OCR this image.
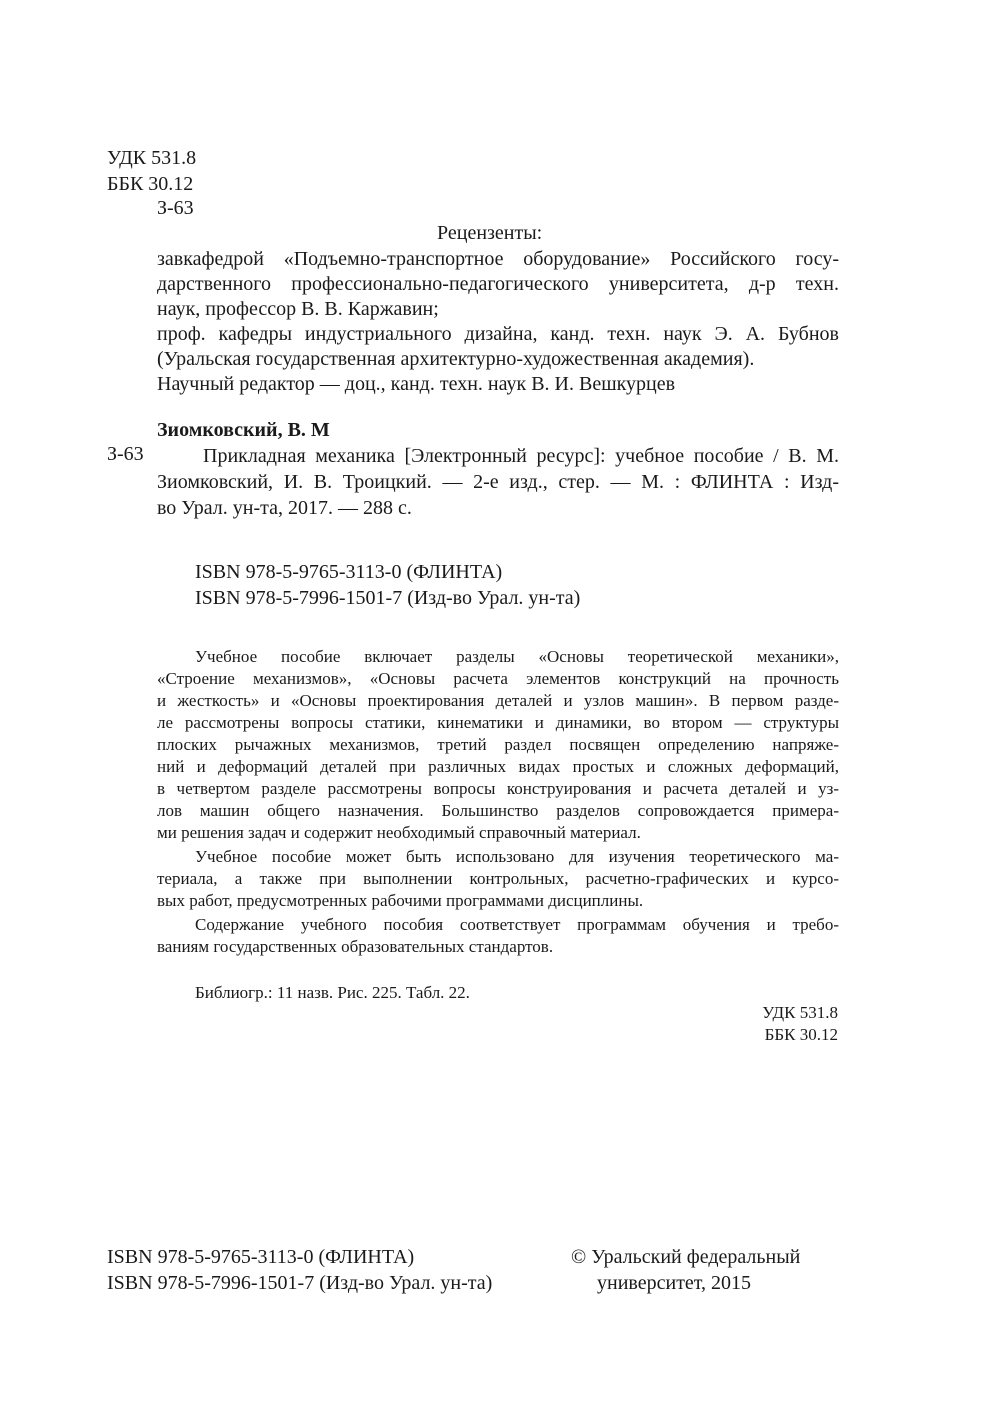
УДК 531.8
ББК 30.12
З-63
Рецензенты:
завкафедрой «Подъемно-транспортное оборудование» Российского госу-
дарственного профессионально-педагогического университета, д-р техн.
наук, профессор В. В. Каржавин;
проф. кафедры индустриального дизайна, канд. техн. наук Э. А. Бубнов
(Уральская государственная архитектурно-художественная академия).
Научный редактор — доц., канд. техн. наук В. И. Вешкурцев
Зиомковский, В. М
З-63	Прикладная механика [Электронный ресурс]: учебное пособие / В. М.
Зиомковский, И. В. Троицкий. — 2-е изд., стер. — М. : ФЛИНТА : Изд-
во Урал. ун-та, 2017. — 288 с.
ISBN 978-5-9765-3113-0 (ФЛИНТА)
ISBN 978-5-7996-1501-7 (Изд-во Урал. ун-та)
Учебное пособие включает разделы «Основы теоретической механики»,
«Строение механизмов», «Основы расчета элементов конструкций на прочность
и жесткость» и «Основы проектирования деталей и узлов машин». В первом разде-
ле рассмотрены вопросы статики, кинематики и динамики, во втором — структуры
плоских рычажных механизмов, третий раздел посвящен определению напряже-
ний и деформаций деталей при различных видах простых и сложных деформаций,
в четвертом разделе рассмотрены вопросы конструирования и расчета деталей и уз-
лов машин общего назначения. Большинство разделов сопровождается примера-
ми решения задач и содержит необходимый справочный материал.
Учебное пособие может быть использовано для изучения теоретического ма-
териала, а также при выполнении контрольных, расчетно-графических и курсо-
вых работ, предусмотренных рабочими программами дисциплины.
Содержание учебного пособия соответствует программам обучения и требо-
ваниям государственных образовательных стандартов.
Библиогр.: 11 назв. Рис. 225. Табл. 22.
УДК 531.8
ББК 30.12
ISBN 978-5-9765-3113-0 (ФЛИНТА)
ISBN 978-5-7996-1501-7 (Изд-во Урал. ун-та)
© Уральский федеральный
университет, 2015
